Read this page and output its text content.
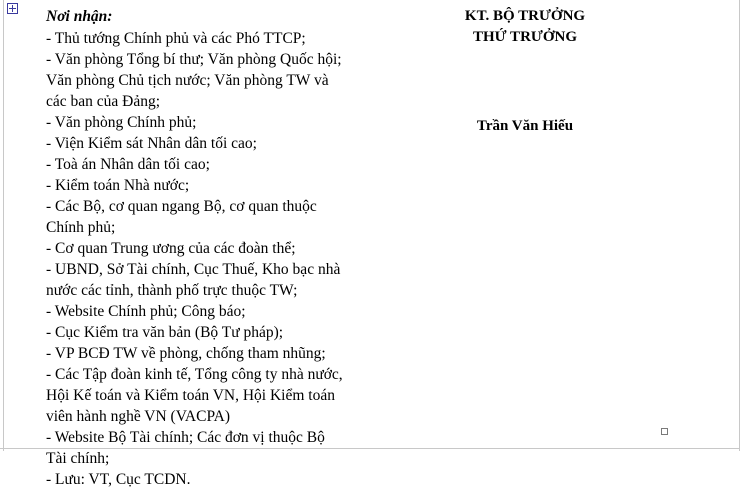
Nơi nhận:

- Thủ tướng Chính phủ và các Phó TTCP;

- Văn phòng Tổng bí thư; Văn phòng Quốc hội; Văn phòng Chủ tịch nước; Văn phòng TW và các ban của Đảng;

- Văn phòng Chính phủ;

- Viện Kiểm sát Nhân dân tối cao;

- Toà án Nhân dân tối cao;

- Kiểm toán Nhà nước;

- Các Bộ, cơ quan ngang Bộ, cơ quan thuộc Chính phủ;

- Cơ quan Trung ương của các đoàn thể;

- UBND, Sở Tài chính, Cục Thuế, Kho bạc nhà nước các tỉnh, thành phố trực thuộc TW;

- Website Chính phủ; Công báo;

- Cục Kiểm tra văn bản (Bộ Tư pháp);

- VP BCĐ TW về phòng, chống tham nhũng;

- Các Tập đoàn kinh tế, Tổng công ty nhà nước, Hội Kế toán và Kiểm toán VN, Hội Kiểm toán viên hành nghề VN (VACPA)

- Website Bộ Tài chính; Các đơn vị thuộc Bộ Tài chính;

- Lưu: VT, Cục TCDN.

KT. BỘ TRƯỞNG

THỨ TRƯỞNG

Trần Văn Hiếu
